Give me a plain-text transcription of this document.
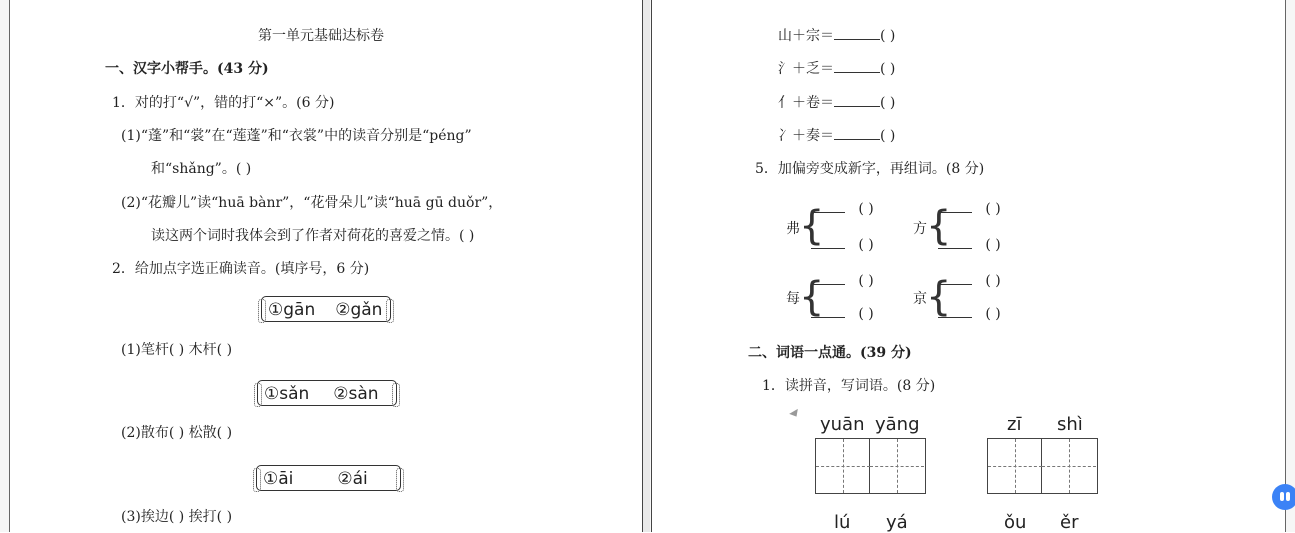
第一单元基础达标卷
一、汉字小帮手。(43 分)
1．对的打“√”，错的打“×”。(6 分)
(1)“蓬”和“裳”在“莲蓬”和“衣裳”中的读音分别是“péng”
和“shǎng”。( )
(2)“花瓣儿”读“huā bànr”，“花骨朵儿”读“huā gū duǒr”，
读这两个词时我体会到了作者对荷花的喜爱之情。( )
2．给加点字选正确读音。(填序号，6 分)
①gān ②gǎn
(1)笔杆( ) 木杆( )
①sǎn ②sàn
(2)散布( ) 松散( )
①āi	②ái
(3)挨边( ) 挨打( )
山＋宗＝	( )
氵＋乏＝	( )
亻＋卷＝	( )
冫＋奏＝	( )
5．加偏旁变成新字，再组词。(8 分)
弗 {	( )
( )
方 {	( )
( )
每 {	( )
( )
京 {	( )
( )
二、词语一点通。(39 分)
1．读拼音，写词语。(8 分)
yuān yāng	zī shì
lú yá	ǒu ěr
